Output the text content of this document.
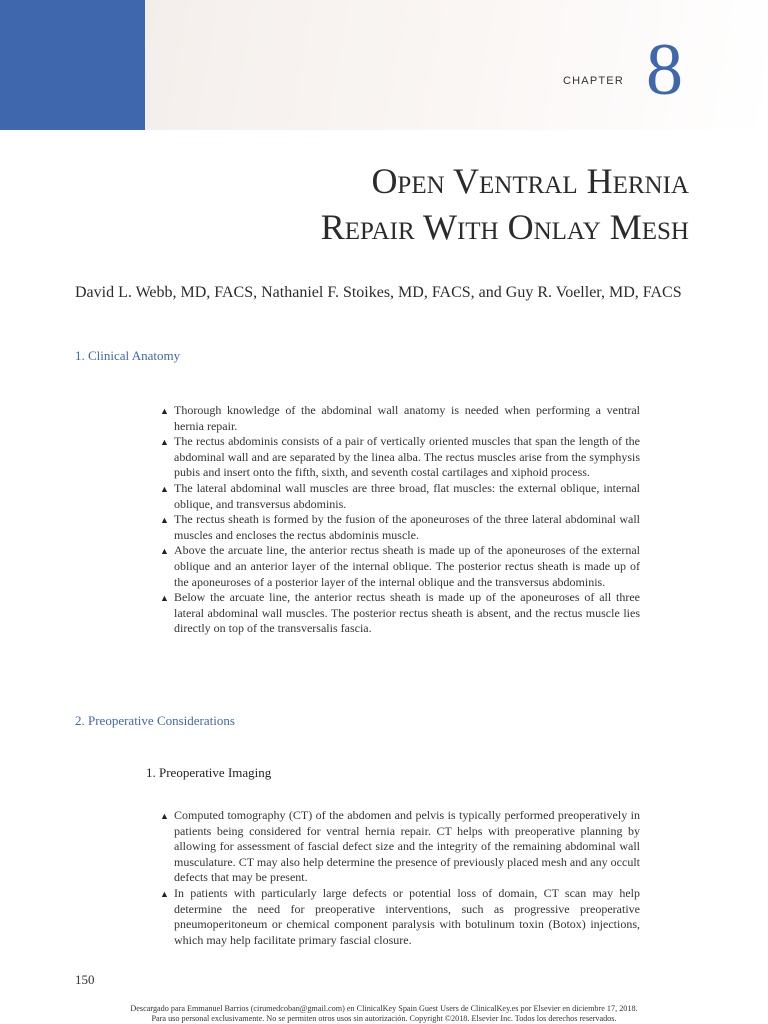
CHAPTER 8
Open Ventral Hernia
Repair With Onlay Mesh
David L. Webb, MD, FACS, Nathaniel F. Stoikes, MD, FACS, and Guy R. Voeller, MD, FACS
1. Clinical Anatomy
▲ Thorough knowledge of the abdominal wall anatomy is needed when performing a ventral hernia repair.
▲ The rectus abdominis consists of a pair of vertically oriented muscles that span the length of the abdominal wall and are separated by the linea alba. The rectus muscles arise from the symphysis pubis and insert onto the fifth, sixth, and seventh costal cartilages and xiphoid process.
▲ The lateral abdominal wall muscles are three broad, flat muscles: the external oblique, internal oblique, and transversus abdominis.
▲ The rectus sheath is formed by the fusion of the aponeuroses of the three lateral abdominal wall muscles and encloses the rectus abdominis muscle.
▲ Above the arcuate line, the anterior rectus sheath is made up of the aponeuroses of the external oblique and an anterior layer of the internal oblique. The posterior rectus sheath is made up of the aponeuroses of a posterior layer of the internal oblique and the transversus abdominis.
▲ Below the arcuate line, the anterior rectus sheath is made up of the aponeuroses of all three lateral abdominal wall muscles. The posterior rectus sheath is absent, and the rectus muscle lies directly on top of the transversalis fascia.
2. Preoperative Considerations
1. Preoperative Imaging
▲ Computed tomography (CT) of the abdomen and pelvis is typically performed preoperatively in patients being considered for ventral hernia repair. CT helps with preoperative planning by allowing for assessment of fascial defect size and the integrity of the remaining abdominal wall musculature. CT may also help determine the presence of previously placed mesh and any occult defects that may be present.
▲ In patients with particularly large defects or potential loss of domain, CT scan may help determine the need for preoperative interventions, such as progressive preoperative pneumoperitoneum or chemical component paralysis with botulinum toxin (Botox) injections, which may help facilitate primary fascial closure.
150
Descargado para Emmanuel Barrios (cirumedcoban@gmail.com) en ClinicalKey Spain Guest Users de ClinicalKey.es por Elsevier en diciembre 17, 2018.
Para uso personal exclusivamente. No se permiten otros usos sin autorización. Copyright ©2018. Elsevier Inc. Todos los derechos reservados.
